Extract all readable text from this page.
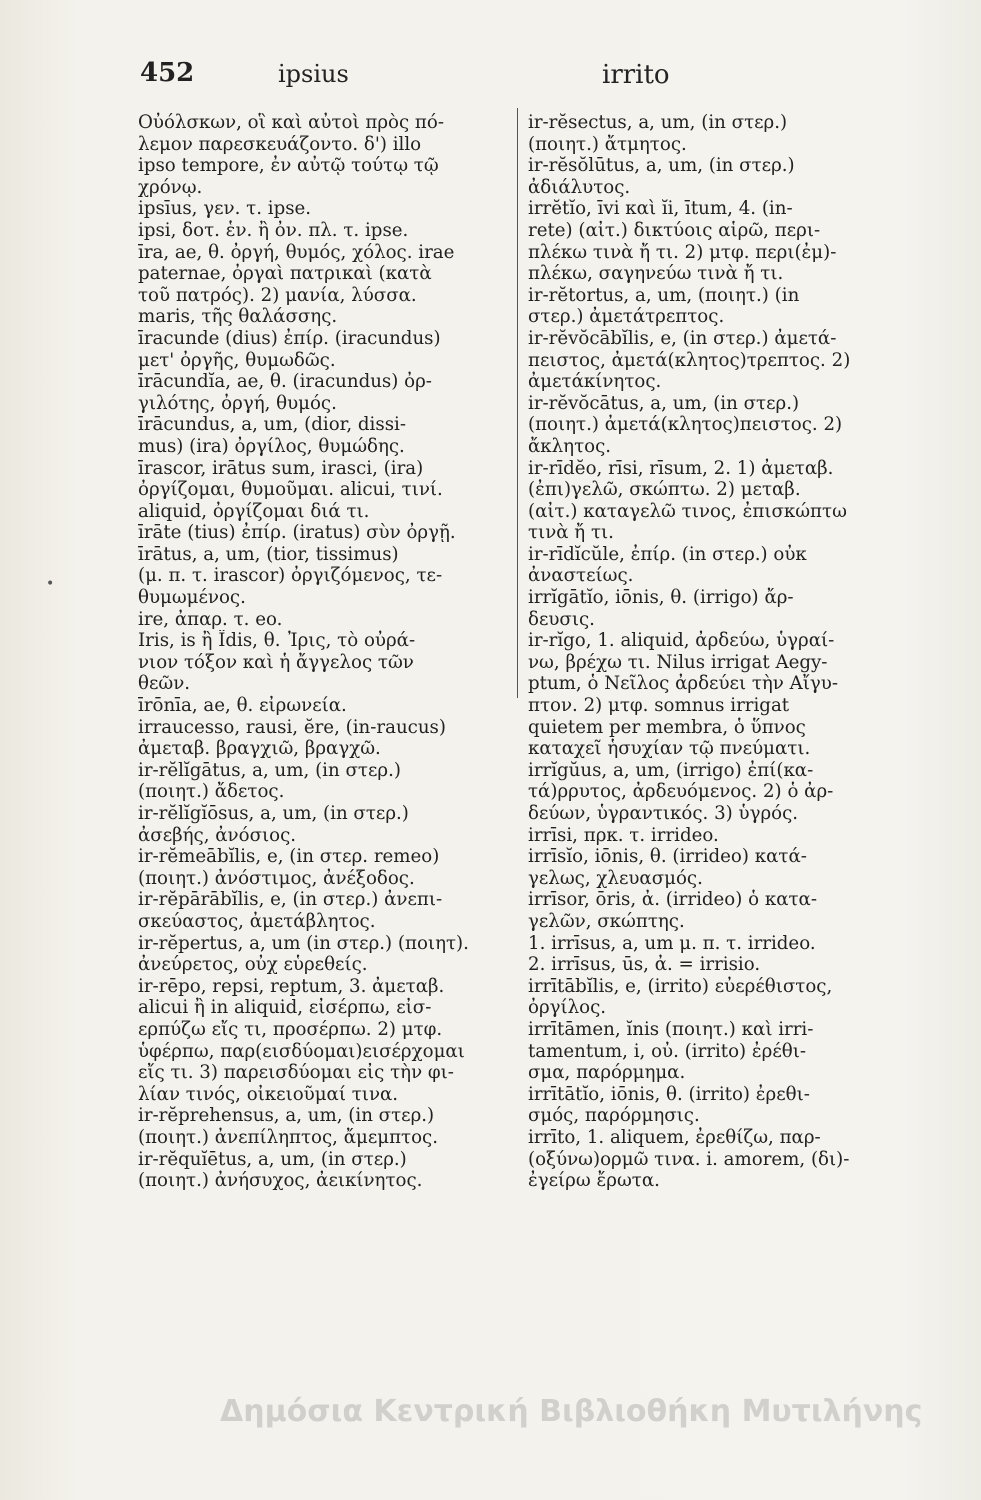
452	ipsius	irrito
•
Οὐόλσκων, οἳ καὶ αὐτοὶ πρὸς πό-
λεμον παρεσκευάζοντο. δ') illo
ipso tempore, ἐν αὐτῷ τούτῳ τῷ
χρόνῳ.
ipsīus, γεν. τ. ipse.
ipsi, δοτ. ἑν. ἢ ὀν. πλ. τ. ipse.
īra, ae, θ. ὀργή, θυμός, χόλος. irae
paternae, ὀργαὶ πατρικαὶ (κατὰ
τοῦ πατρός). 2) μανία, λύσσα.
maris, τῆς θαλάσσης.
īracunde (dius) ἐπίρ. (iracundus)
μετ' ὀργῆς, θυμωδῶς.
īrācundĭa, ae, θ. (iracundus) ὀρ-
γιλότης, ὀργή, θυμός.
īrācundus, a, um, (dior, dissi-
mus) (ira) ὀργίλος, θυμώδης.
īrascor, irātus sum, irasci, (ira)
ὀργίζομαι, θυμοῦμαι. alicui, τινί.
aliquid, ὀργίζομαι διά τι.
īrāte (tius) ἐπίρ. (iratus) σὺν ὀργῇ.
īrātus, a, um, (tior, tissimus)
(μ. π. τ. irascor) ὀργιζόμενος, τε-
θυμωμένος.
ire, ἀπαρ. τ. eo.
Iris, is ἢ Ïdis, θ. Ἶρις, τὸ οὐρά-
νιον τόξον καὶ ἡ ἄγγελος τῶν
θεῶν.
īrōnīa, ae, θ. εἰρωνεία.
irraucesso, rausi, ĕre, (in-raucus)
ἀμεταβ. βραγχιῶ, βραγχῶ.
ir-rĕlĭgātus, a, um, (in στερ.)
(ποιητ.) ἄδετος.
ir-rĕlĭgĭōsus, a, um, (in στερ.)
ἀσεβής, ἀνόσιος.
ir-rĕmeābĭlis, e, (in στερ. remeo)
(ποιητ.) ἀνόστιμος, ἀνέξοδος.
ir-rĕpārābĭlis, e, (in στερ.) ἀνεπι-
σκεύαστος, ἀμετάβλητος.
ir-rĕpertus, a, um (in στερ.) (ποιητ).
ἀνεύρετος, οὐχ εὑρεθείς.
ir-rēpo, repsi, reptum, 3. ἀμεταβ.
alicui ἢ in aliquid, εἰσέρπω, εἰσ-
ερπύζω εἴς τι, προσέρπω. 2) μτφ.
ὑφέρπω, παρ(εισδύομαι)εισέρχομαι
εἴς τι. 3) παρεισδύομαι εἰς τὴν φι-
λίαν τινός, οἰκειοῦμαί τινα.
ir-rĕprehensus, a, um, (in στερ.)
(ποιητ.) ἀνεπίληπτος, ἄμεμπτος.
ir-rĕquĭētus, a, um, (in στερ.)
(ποιητ.) ἀνήσυχος, ἀεικίνητος.
ir-rĕsectus, a, um, (in στερ.)
(ποιητ.) ἄτμητος.
ir-rĕsŏlūtus, a, um, (in στερ.)
ἀδιάλυτος.
irrĕtĭo, īvi καὶ ĭi, ītum, 4. (in-
rete) (αἰτ.) δικτύοις αἱρῶ, περι-
πλέκω τινὰ ἤ τι. 2) μτφ. περι(ἐμ)-
πλέκω, σαγηνεύω τινὰ ἤ τι.
ir-rĕtortus, a, um, (ποιητ.) (in
στερ.) ἀμετάτρεπτος.
ir-rĕvŏcābĭlis, e, (in στερ.) ἀμετά-
πειστος, ἀμετά(κλητος)τρεπτος. 2)
ἀμετάκίνητος.
ir-rĕvŏcātus, a, um, (in στερ.)
(ποιητ.) ἀμετά(κλητος)πειστος. 2)
ἄκλητος.
ir-rīdĕo, rīsi, rīsum, 2. 1) ἀμεταβ.
(ἐπι)γελῶ, σκώπτω. 2) μεταβ.
(αἰτ.) καταγελῶ τινος, ἐπισκώπτω
τινὰ ἤ τι.
ir-rīdĭcŭle, ἐπίρ. (in στερ.) οὐκ
ἀναστείως.
irrĭgātĭo, iōnis, θ. (irrigo) ἄρ-
δευσις.
ir-rĭgo, 1. aliquid, ἀρδεύω, ὑγραί-
νω, βρέχω τι. Nilus irrigat Aegy-
ptum, ὁ Νεῖλος ἀρδεύει τὴν Αἴγυ-
πτον. 2) μτφ. somnus irrigat
quietem per membra, ὁ ὕπνος
καταχεῖ ἡσυχίαν τῷ πνεύματι.
irrĭgŭus, a, um, (irrigo) ἐπί(κα-
τά)ρρυτος, ἀρδευόμενος. 2) ὁ ἀρ-
δεύων, ὑγραντικός. 3) ὑγρός.
irrīsi, πρκ. τ. irrideo.
irrīsĭo, iōnis, θ. (irrideo) κατά-
γελως, χλευασμός.
irrīsor, ōris, ἀ. (irrideo) ὁ κατα-
γελῶν, σκώπτης.
1. irrīsus, a, um μ. π. τ. irrideo.
2. irrīsus, ūs, ἀ. = irrisio.
irrītābĭlis, e, (irrito) εὐερέθιστος,
ὀργίλος.
irrītāmen, ĭnis (ποιητ.) καὶ irri-
tamentum, i, οὐ. (irrito) ἐρέθι-
σμα, παρόρμημα.
irrītātĭo, iōnis, θ. (irrito) ἐρεθι-
σμός, παρόρμησις.
irrīto, 1. aliquem, ἐρεθίζω, παρ-
(οξύνω)ορμῶ τινα. i. amorem, (δι)-
ἐγείρω ἔρωτα.
Δημόσια Κεντρική Βιβλιοθήκη Μυτιλήνης
